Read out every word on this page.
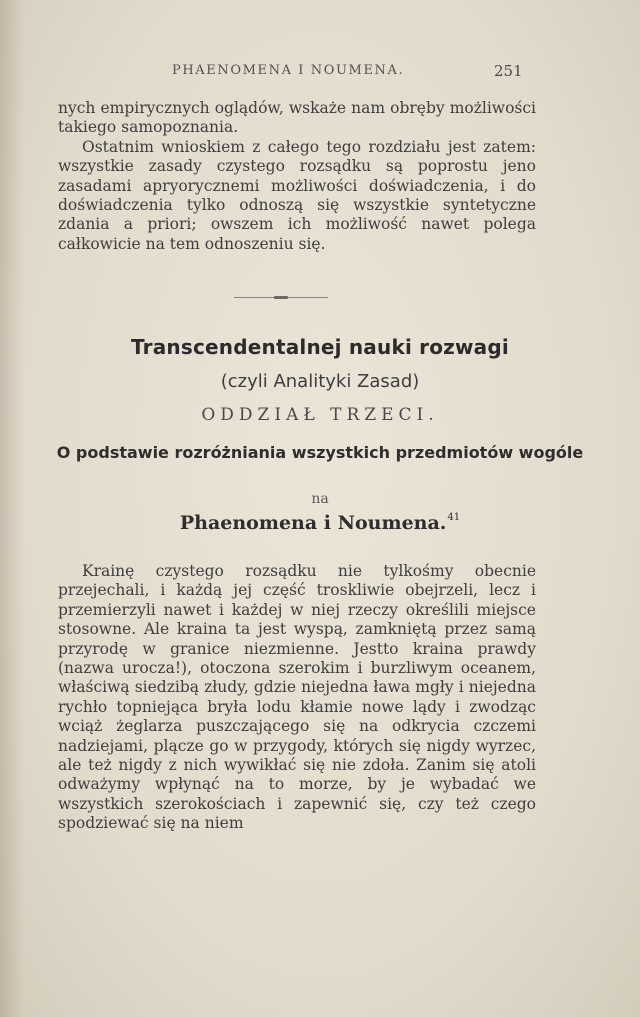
PHAENOMENA I NOUMENA.	251

nych empirycznych oglądów, wskaże nam obręby możliwości takiego samopoznania.

Ostatnim wnioskiem z całego tego rozdziału jest zatem: wszystkie zasady czystego rozsądku są poprostu jeno zasadami apryorycznemi możliwości doświadczenia, i do doświadczenia tylko odnoszą się wszystkie syntetyczne zdania a priori; owszem ich możliwość nawet polega całkowicie na tem odnoszeniu się.

Transcendentalnej nauki rozwagi
(czyli Analityki Zasad)
ODDZIAŁ TRZECI.
O podstawie rozróżniania wszystkich przedmiotów wogóle
na
Phaenomena i Noumena.$^{41}$

Krainę czystego rozsądku nie tylkośmy obecnie przejechali, i każdą jej część troskliwie obejrzeli, lecz i przemierzyli nawet i każdej w niej rzeczy określili miejsce stosowne. Ale kraina ta jest wyspą, zamkniętą przez samą przyrodę w granice niezmienne. Jestto kraina prawdy (nazwa urocza!), otoczona szerokim i burzliwym oceanem, właściwą siedzibą złudy, gdzie niejedna ława mgły i niejedna rychło topniejąca bryła lodu kłamie nowe lądy i zwodząc wciąż żeglarza puszczającego się na odkrycia czczemi nadziejami, plącze go w przygody, których się nigdy wyrzec, ale też nigdy z nich wywikłać się nie zdoła. Zanim się atoli odważymy wpłynąć na to morze, by je wybadać we wszystkich szerokościach i zapewnić się, czy też czego spodziewać się na niem
